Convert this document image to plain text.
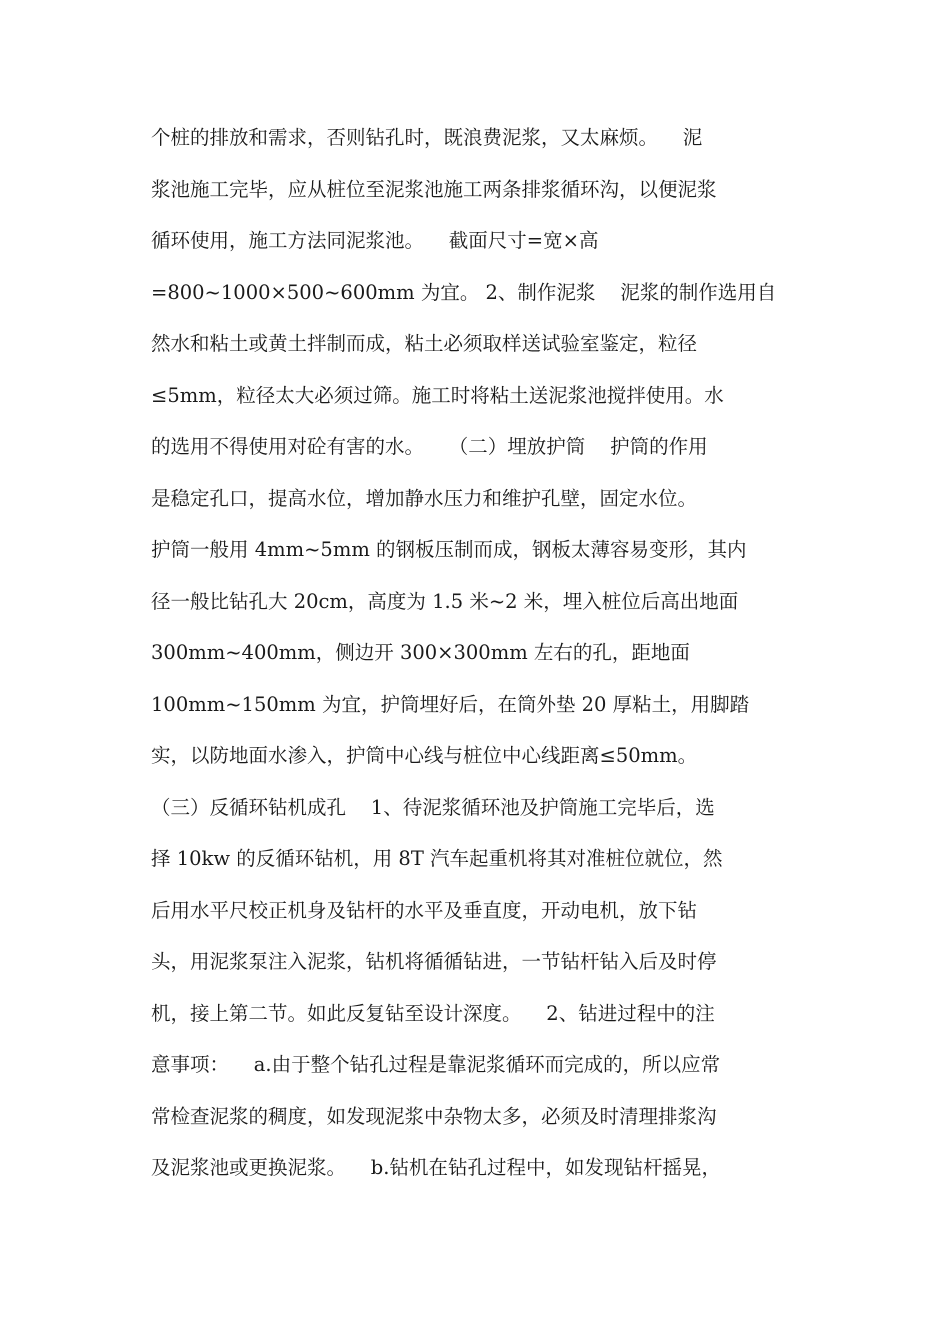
个桩的排放和需求，否则钻孔时，既浪费泥浆，又太麻烦。    泥
浆池施工完毕，应从桩位至泥浆池施工两条排浆循环沟，以便泥浆
循环使用，施工方法同泥浆池。    截面尺寸=宽×高
=800~1000×500~600mm 为宜。 2、制作泥浆    泥浆的制作选用自
然水和粘土或黄土拌制而成，粘土必须取样送试验室鉴定，粒径
≤5mm，粒径太大必须过筛。施工时将粘土送泥浆池搅拌使用。水
的选用不得使用对砼有害的水。    （二）埋放护筒    护筒的作用
是稳定孔口，提高水位，增加静水压力和维护孔壁，固定水位。
护筒一般用 4mm~5mm 的钢板压制而成，钢板太薄容易变形，其内
径一般比钻孔大 20cm，高度为 1.5 米~2 米，埋入桩位后高出地面
300mm~400mm，侧边开 300×300mm 左右的孔，距地面
100mm~150mm 为宜，护筒埋好后，在筒外垫 20 厚粘土，用脚踏
实，以防地面水渗入，护筒中心线与桩位中心线距离≤50mm。
（三）反循环钻机成孔    1、待泥浆循环池及护筒施工完毕后，选
择 10kw 的反循环钻机，用 8T 汽车起重机将其对准桩位就位，然
后用水平尺校正机身及钻杆的水平及垂直度，开动电机，放下钻
头，用泥浆泵注入泥浆，钻机将循循钻进，一节钻杆钻入后及时停
机，接上第二节。如此反复钻至设计深度。    2、钻进过程中的注
意事项：    a.由于整个钻孔过程是靠泥浆循环而完成的，所以应常
常检查泥浆的稠度，如发现泥浆中杂物太多，必须及时清理排浆沟
及泥浆池或更换泥浆。    b.钻机在钻孔过程中，如发现钻杆摇晃，
